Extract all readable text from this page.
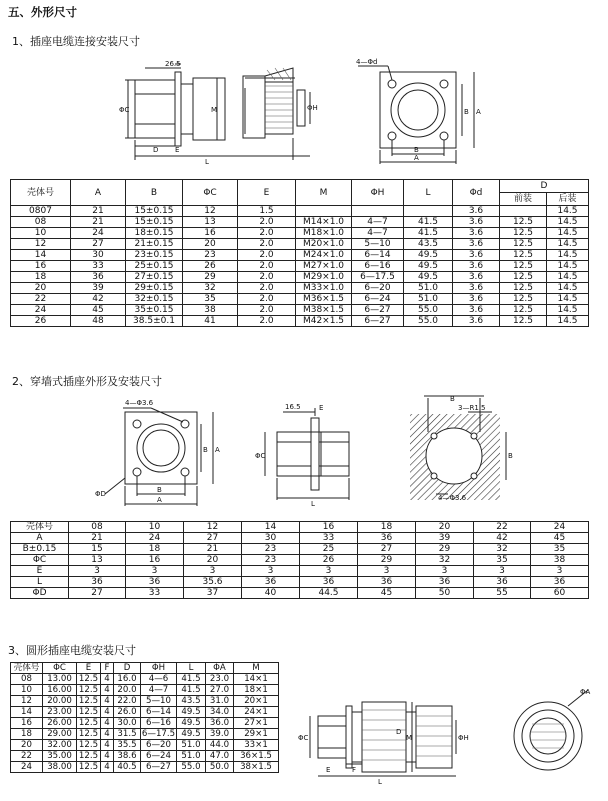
五、外形尺寸
1、插座电缆连接安装尺寸
26.5
ΦC	M
D E
L
ΦH
4—Φd
B
A
B A
壳体号	A	B	ΦC	E	M	ΦH	L	Φd	D	
									前装	后装
0807	21	15±0.15	12	1.5				3.6		14.5
08	21	15±0.15	13	2.0	M14×1.0	4—7	41.5	3.6	12.5	14.5
10	24	18±0.15	16	2.0	M18×1.0	4—7	41.5	3.6	12.5	14.5
12	27	21±0.15	20	2.0	M20×1.0	5—10	43.5	3.6	12.5	14.5
14	30	23±0.15	23	2.0	M24×1.0	6—14	49.5	3.6	12.5	14.5
16	33	25±0.15	26	2.0	M27×1.0	6—16	49.5	3.6	12.5	14.5
18	36	27±0.15	29	2.0	M29×1.0	6—17.5	49.5	3.6	12.5	14.5
20	39	29±0.15	32	2.0	M33×1.0	6—20	51.0	3.6	12.5	14.5
22	42	32±0.15	35	2.0	M36×1.5	6—24	51.0	3.6	12.5	14.5
24	45	35±0.15	38	2.0	M38×1.5	6—27	55.0	3.6	12.5	14.5
26	48	38.5±0.1	41	2.0	M42×1.5	6—27	55.0	3.6	12.5	14.5
2、穿墙式插座外形及安装尺寸
4—Φ3.6
B
A
B A
ΦD
16.5	E
ΦC
L
B
3—R1.5
B
4—Φ3.6
壳体号	08	10	12	14	16	18	20	22	24
A	21	24	27	30	33	36	39	42	45
B±0.15	15	18	21	23	25	27	29	32	35
ΦC	13	16	20	23	26	29	32	35	38
E	3	3	3	3	3	3	3	3	3
L	36	36	35.6	36	36	36	36	36	36
ΦD	27	33	37	40	44.5	45	50	55	60
3、圆形插座电缆安装尺寸
壳体号	ΦC	E	F	D	ΦH	L	ΦA	M
08	13.00	12.5	4	16.0	4—6	41.5	23.0	14×1
10	16.00	12.5	4	20.0	4—7	41.5	27.0	18×1
12	20.00	12.5	4	22.0	5—10	43.5	31.0	20×1
14	23.00	12.5	4	26.0	6—14	49.5	34.0	24×1
16	26.00	12.5	4	30.0	6—16	49.5	36.0	27×1
18	29.00	12.5	4	31.5	6—17.5	49.5	39.0	29×1
20	32.00	12.5	4	35.5	6—20	51.0	44.0	33×1
22	35.00	12.5	4	38.6	6—24	51.0	47.0	36×1.5
24	38.00	12.5	4	40.5	6—27	55.0	50.0	38×1.5
ΦC
D
M	ΦH
L
E	F
ΦA
